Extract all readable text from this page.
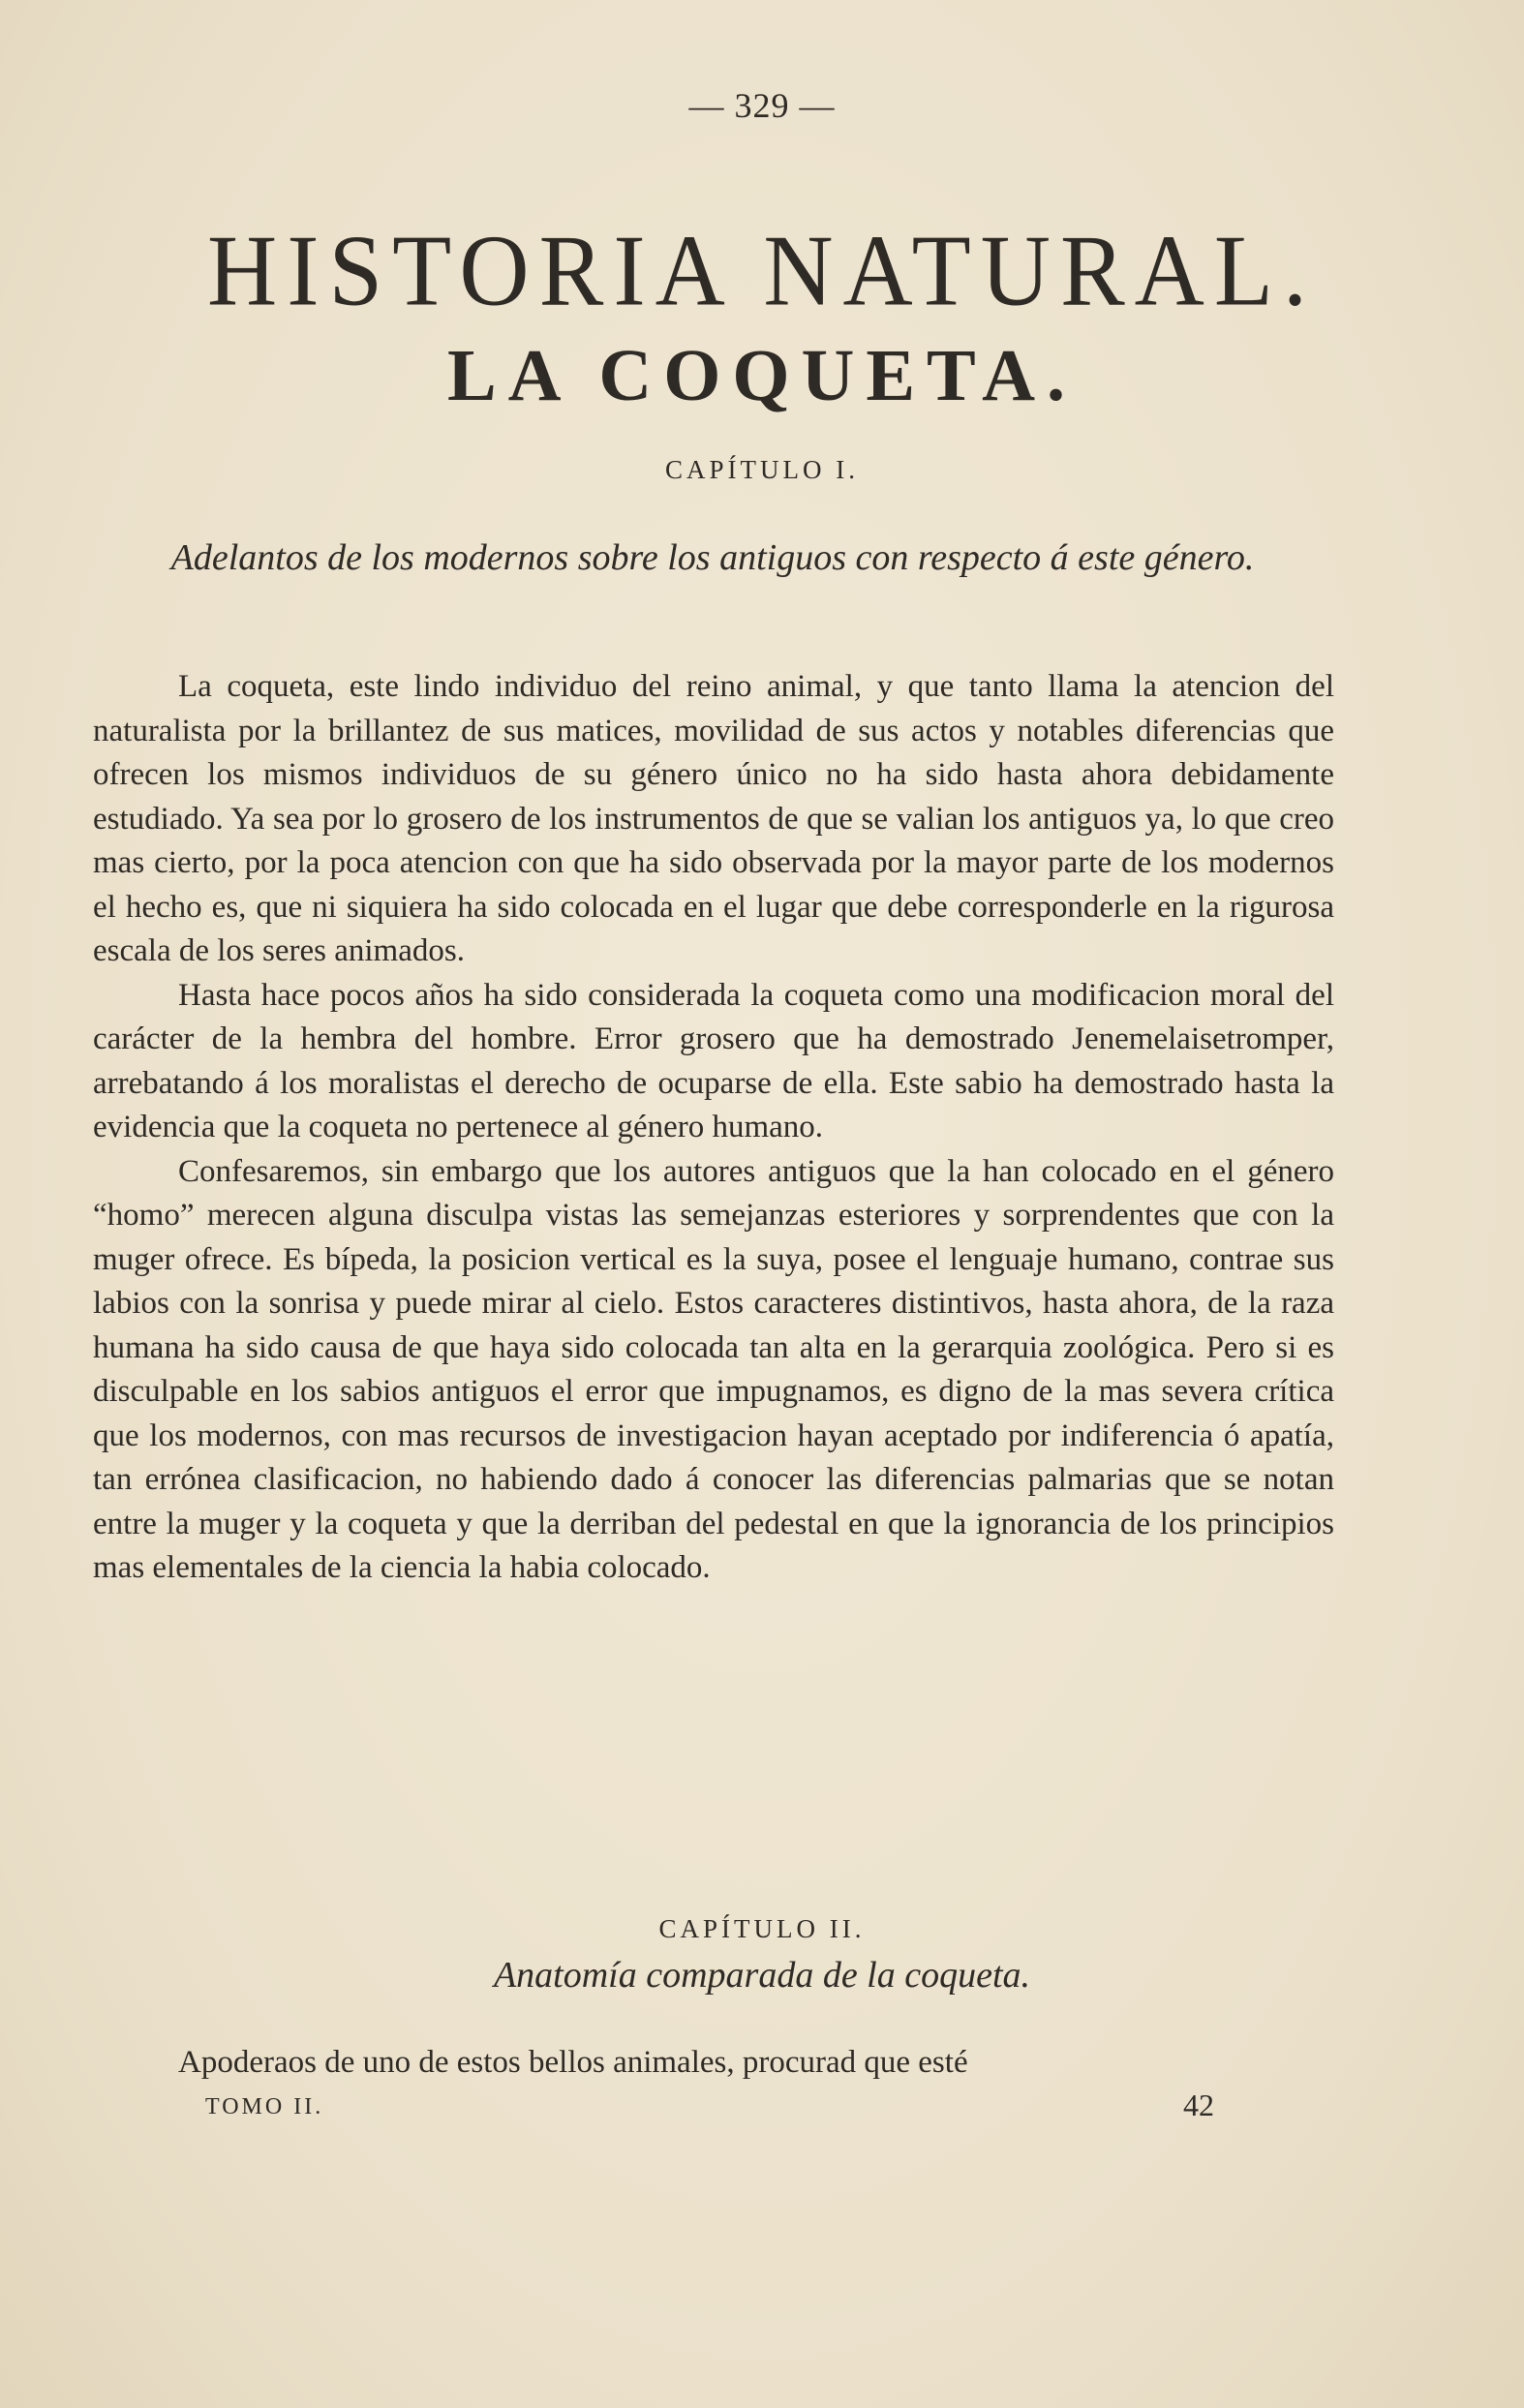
— 329 —
HISTORIA NATURAL.
LA COQUETA.
CAPÍTULO I.
Adelantos de los modernos sobre los antiguos con respecto á este género.

La coqueta, este lindo individuo del reino animal, y que tanto llama la atencion del naturalista por la brillantez de sus matices, movilidad de sus actos y notables diferencias que ofrecen los mismos individuos de su género único no ha sido hasta ahora debidamente estudiado. Ya sea por lo grosero de los instrumentos de que se valian los antiguos ya, lo que creo mas cierto, por la poca atencion con que ha sido observada por la mayor parte de los modernos el hecho es, que ni siquiera ha sido colocada en el lugar que debe corresponderle en la rigurosa escala de los seres animados.

Hasta hace pocos años ha sido considerada la coqueta como una modificacion moral del carácter de la hembra del hombre. Error grosero que ha demostrado Jenemelaisetromper, arrebatando á los moralistas el derecho de ocuparse de ella. Este sabio ha demostrado hasta la evidencia que la coqueta no pertenece al género humano.

Confesaremos, sin embargo que los autores antiguos que la han colocado en el género “homo” merecen alguna disculpa vistas las semejanzas esteriores y sorprendentes que con la muger ofrece. Es bípeda, la posicion vertical es la suya, posee el lenguaje humano, contrae sus labios con la sonrisa y puede mirar al cielo. Estos caracteres distintivos, hasta ahora, de la raza humana ha sido causa de que haya sido colocada tan alta en la gerarquia zoológica. Pero si es disculpable en los sabios antiguos el error que impugnamos, es digno de la mas severa crítica que los modernos, con mas recursos de investigacion hayan aceptado por indiferencia ó apatía, tan errónea clasificacion, no habiendo dado á conocer las diferencias palmarias que se notan entre la muger y la coqueta y que la derriban del pedestal en que la ignorancia de los principios mas elementales de la ciencia la habia colocado.

CAPÍTULO II.
Anatomía comparada de la coqueta.
Apoderaos de uno de estos bellos animales, procurad que esté
TOMO II.	42
